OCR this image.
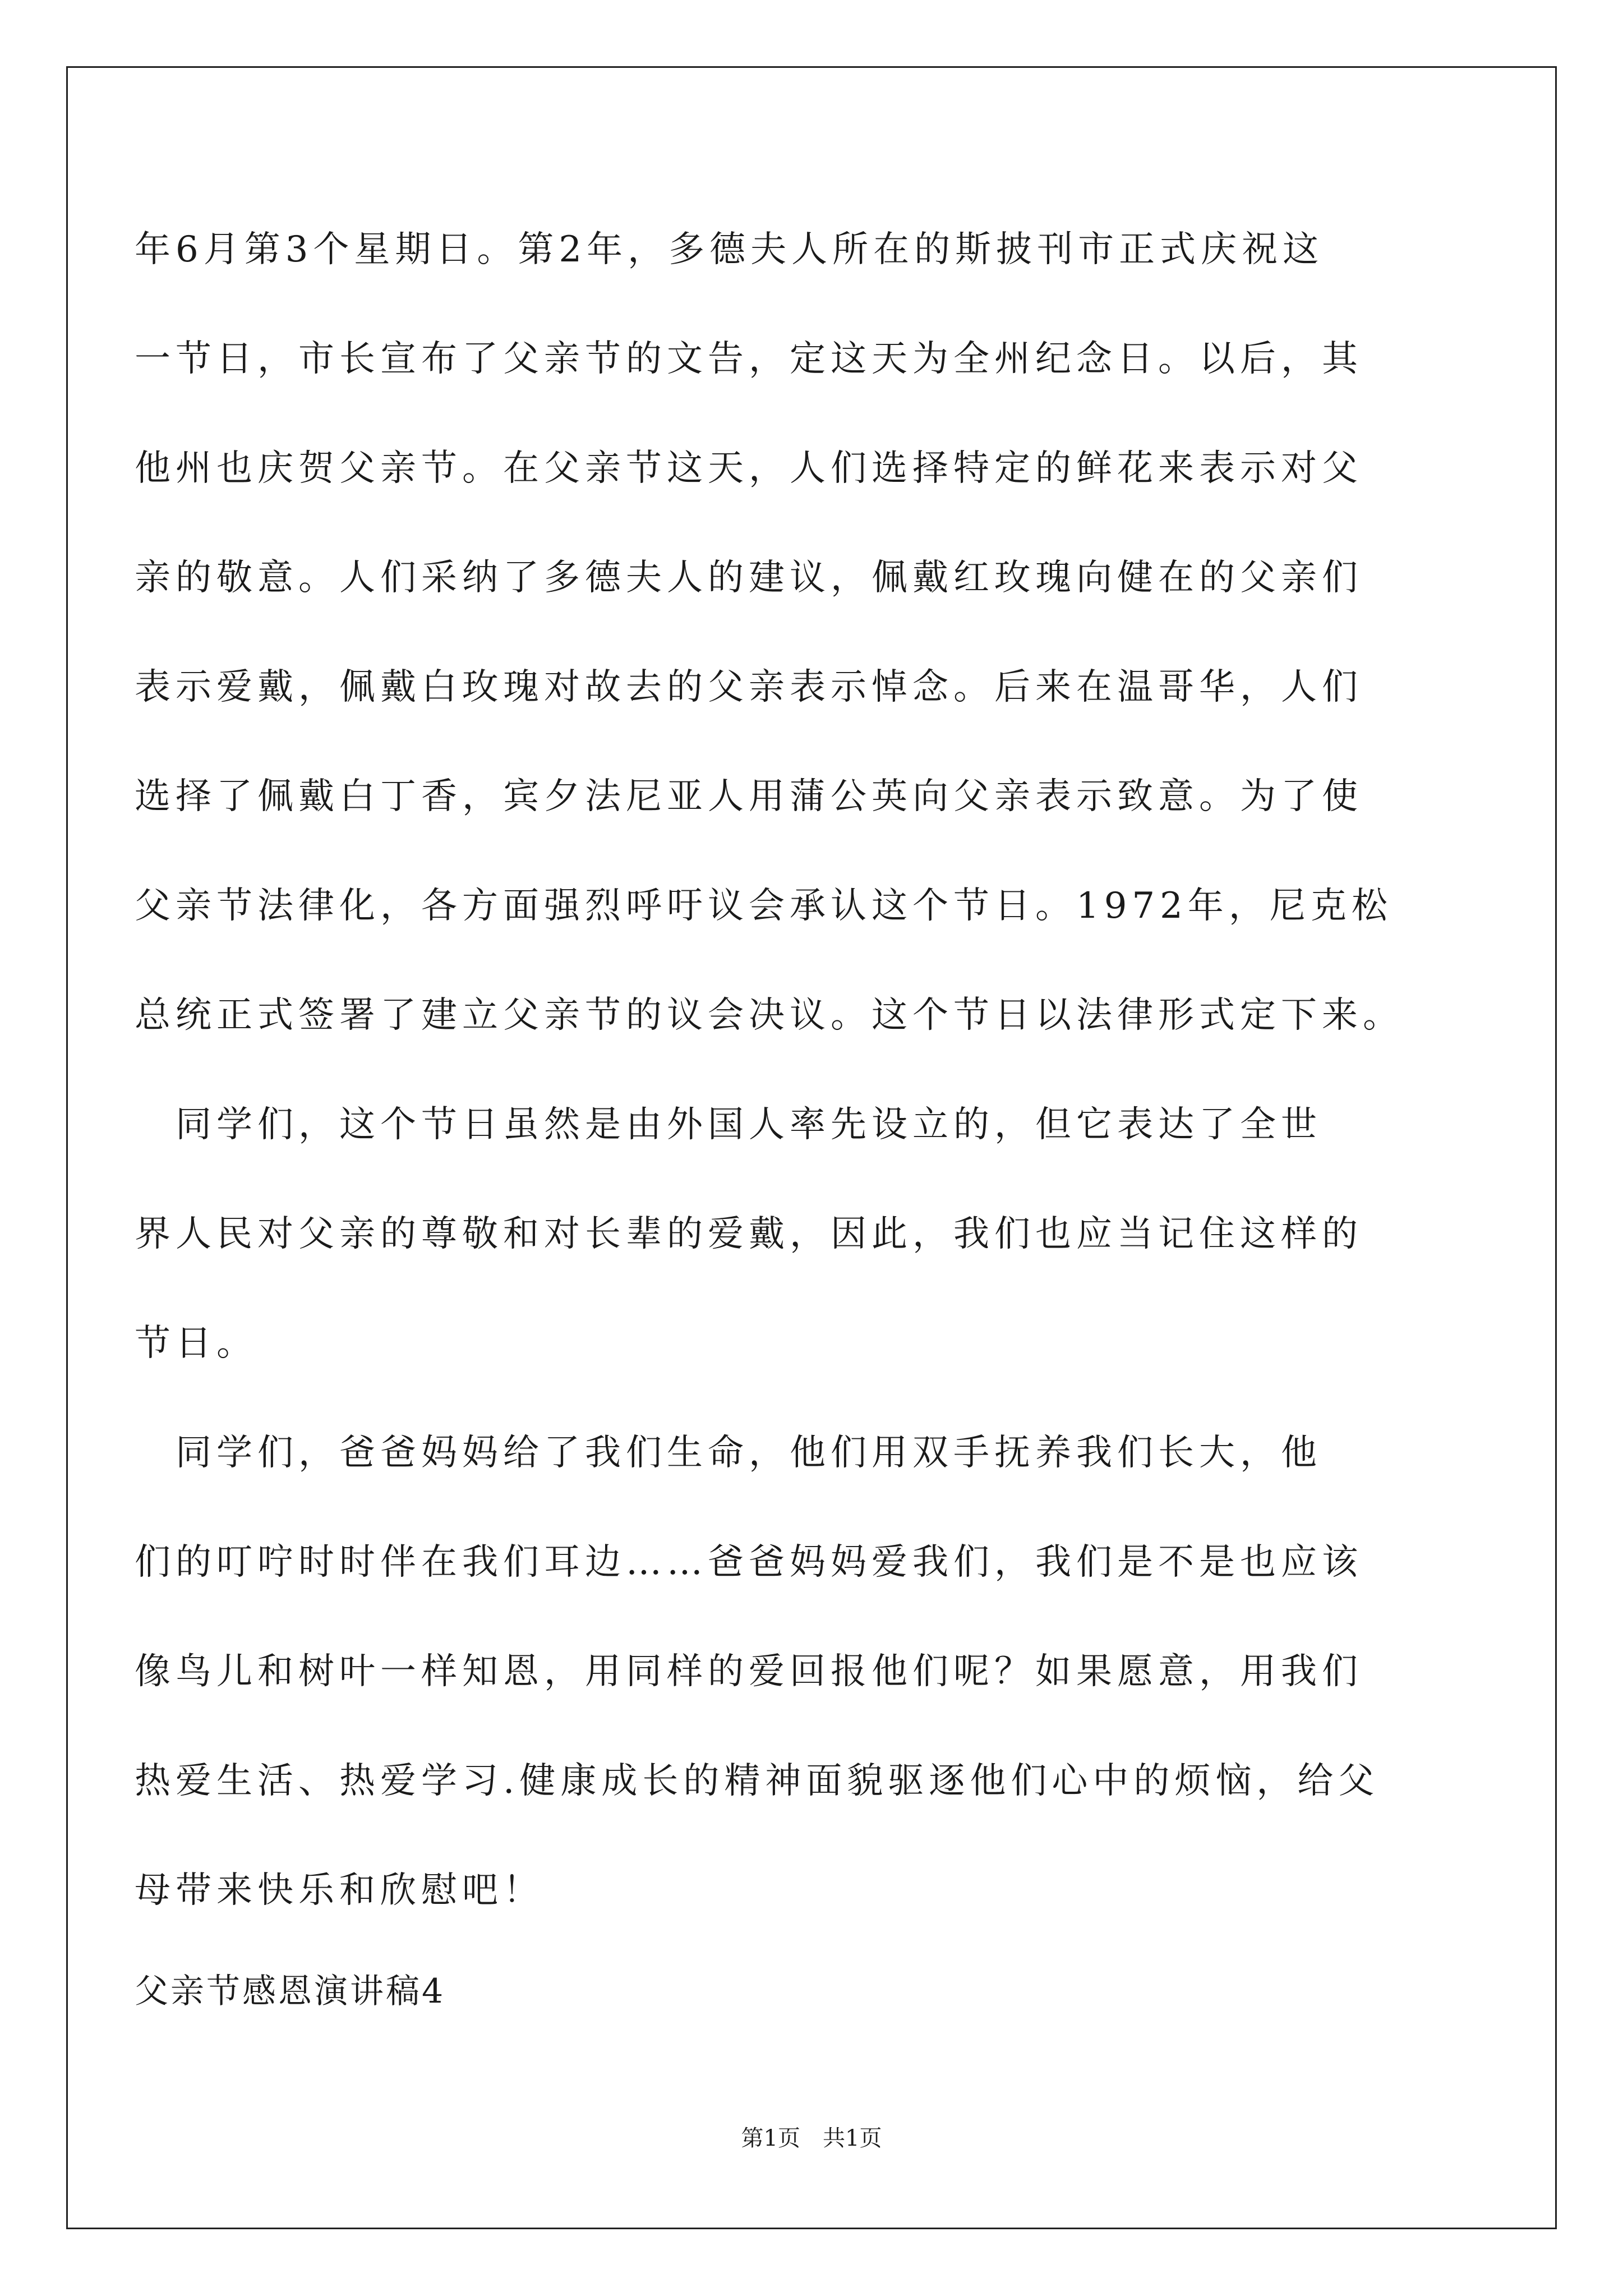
年6月第3个星期日。第2年，多德夫人所在的斯披刊市正式庆祝这
一节日，市长宣布了父亲节的文告，定这天为全州纪念日。以后，其
他州也庆贺父亲节。在父亲节这天，人们选择特定的鲜花来表示对父
亲的敬意。人们采纳了多德夫人的建议，佩戴红玫瑰向健在的父亲们
表示爱戴，佩戴白玫瑰对故去的父亲表示悼念。后来在温哥华，人们
选择了佩戴白丁香，宾夕法尼亚人用蒲公英向父亲表示致意。为了使
父亲节法律化，各方面强烈呼吁议会承认这个节日。1972年，尼克松
总统正式签署了建立父亲节的议会决议。这个节日以法律形式定下来。
　同学们，这个节日虽然是由外国人率先设立的，但它表达了全世
界人民对父亲的尊敬和对长辈的爱戴，因此，我们也应当记住这样的
节日。
　同学们，爸爸妈妈给了我们生命，他们用双手抚养我们长大，他
们的叮咛时时伴在我们耳边……爸爸妈妈爱我们，我们是不是也应该
像鸟儿和树叶一样知恩，用同样的爱回报他们呢？如果愿意，用我们
热爱生活、热爱学习.健康成长的精神面貌驱逐他们心中的烦恼，给父
母带来快乐和欣慰吧！
父亲节感恩演讲稿4
第1页　共1页
